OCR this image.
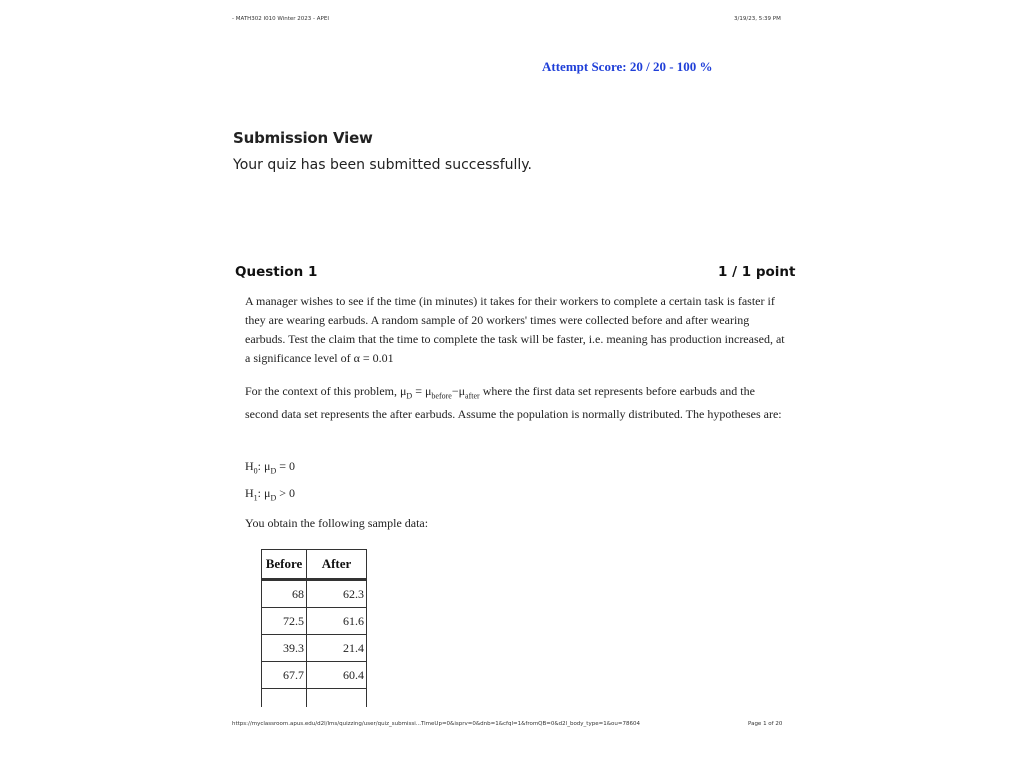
- MATH302 I010 Winter 2023 - APEI	3/19/23, 5:39 PM
Attempt Score: 20 / 20 - 100 %
Submission View
Your quiz has been submitted successfully.
Question 1	1 / 1 point
A manager wishes to see if the time (in minutes) it takes for their workers to complete a certain task is faster if they are wearing earbuds. A random sample of 20 workers' times were collected before and after wearing earbuds. Test the claim that the time to complete the task will be faster, i.e. meaning has production increased, at a significance level of α = 0.01
For the context of this problem, $\mu_D = \mu_{before}-\mu_{after}$ where the first data set represents before earbuds and the second data set represents the after earbuds. Assume the population is normally distributed. The hypotheses are:
$H_0$: $\mu_D = 0$
$H_1$: $\mu_D > 0$
You obtain the following sample data:
Before	After
68	62.3
72.5	61.6
39.3	21.4
67.7	60.4

https://myclassroom.apus.edu/d2l/lms/quizzing/user/quiz_submissi...TimeUp=0&isprv=0&dnb=1&cfql=1&fromQB=0&d2l_body_type=1&ou=78604	Page 1 of 20
